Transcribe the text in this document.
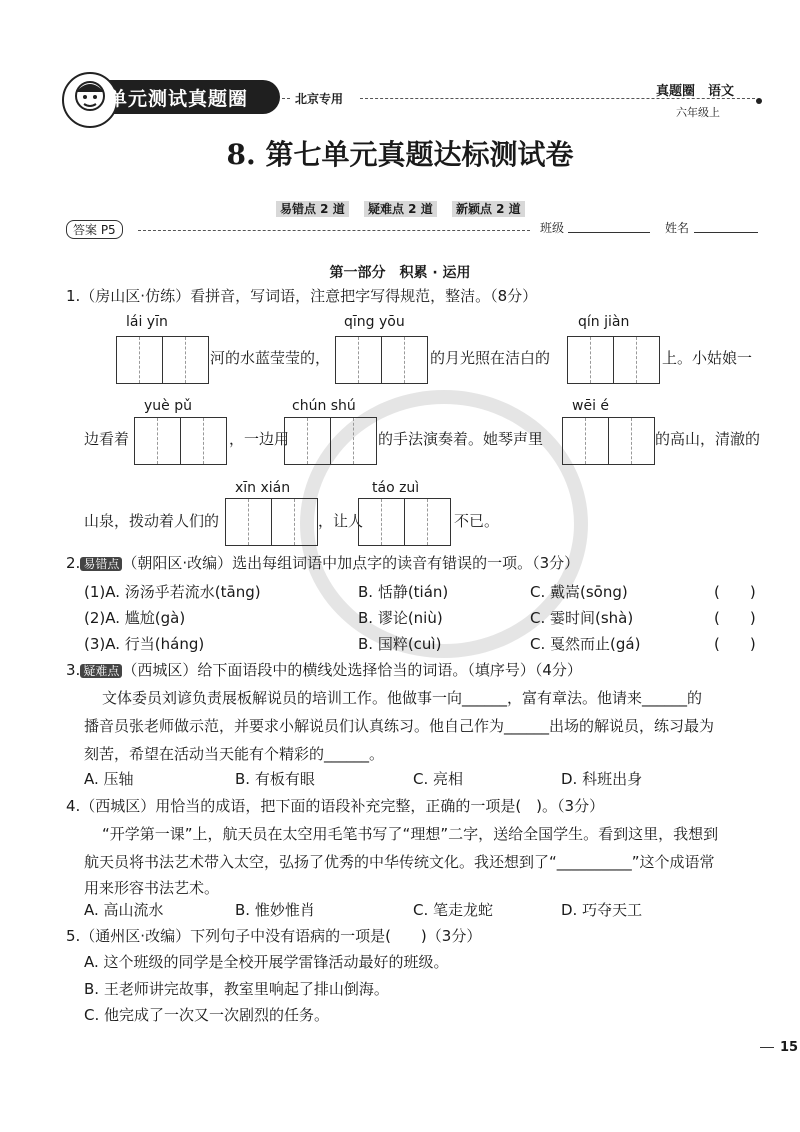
单元测试真题圈	北京专用	真题圈　语文
六年级上
8. 第七单元真题达标测试卷
易错点 2 道 疑难点 2 道 新颖点 2 道
答案 P5	班级	姓名
第一部分　积累 · 运用
1.（房山区·仿练）看拼音，写词语，注意把字写得规范，整洁。（8分）
lái yīn
河的水蓝莹莹的，
qīng yōu
的月光照在洁白的
qín jiàn
上。小姑娘一
yuè pǔ
边看着	，一边用
chún shú
的手法演奏着。她琴声里
wēi é
的高山，清澈的
山泉，拨动着人们的
xīn xián
，让人
táo zuì
不已。
2. 易错点 （朝阳区·改编）选出每组词语中加点字的读音有错误的一项。（3分）
(1)A. 汤汤乎若流水(tāng)	B. 恬静(tián)	C. 戴嵩(sōng)	(　　)
(2)A. 尴尬(gà)	B. 谬论(niù)	C. 霎时间(shà)	(　　)
(3)A. 行当(háng)	B. 国粹(cuì)	C. 戛然而止(gá)	(　　)
3. 疑难点 （西城区）给下面语段中的横线处选择恰当的词语。（填序号）（4分）
文体委员刘谚负责展板解说员的培训工作。他做事一向______，富有章法。他请来______的
播音员张老师做示范，并要求小解说员们认真练习。他自己作为______出场的解说员，练习最为
刻苦，希望在活动当天能有个精彩的______。
A. 压轴	B. 有板有眼	C. 亮相	D. 科班出身
4.（西城区）用恰当的成语，把下面的语段补充完整，正确的一项是(　)。（3分）
“开学第一课”上，航天员在太空用毛笔书写了“理想”二字，送给全国学生。看到这里，我想到
航天员将书法艺术带入太空，弘扬了优秀的中华传统文化。我还想到了“__________”这个成语常
用来形容书法艺术。
A. 高山流水	B. 惟妙惟肖	C. 笔走龙蛇	D. 巧夺天工
5.（通州区·改编）下列句子中没有语病的一项是(　　)（3分）
A. 这个班级的同学是全校开展学雷锋活动最好的班级。
B. 王老师讲完故事，教室里响起了排山倒海。
C. 他完成了一次又一次剧烈的任务。
15
